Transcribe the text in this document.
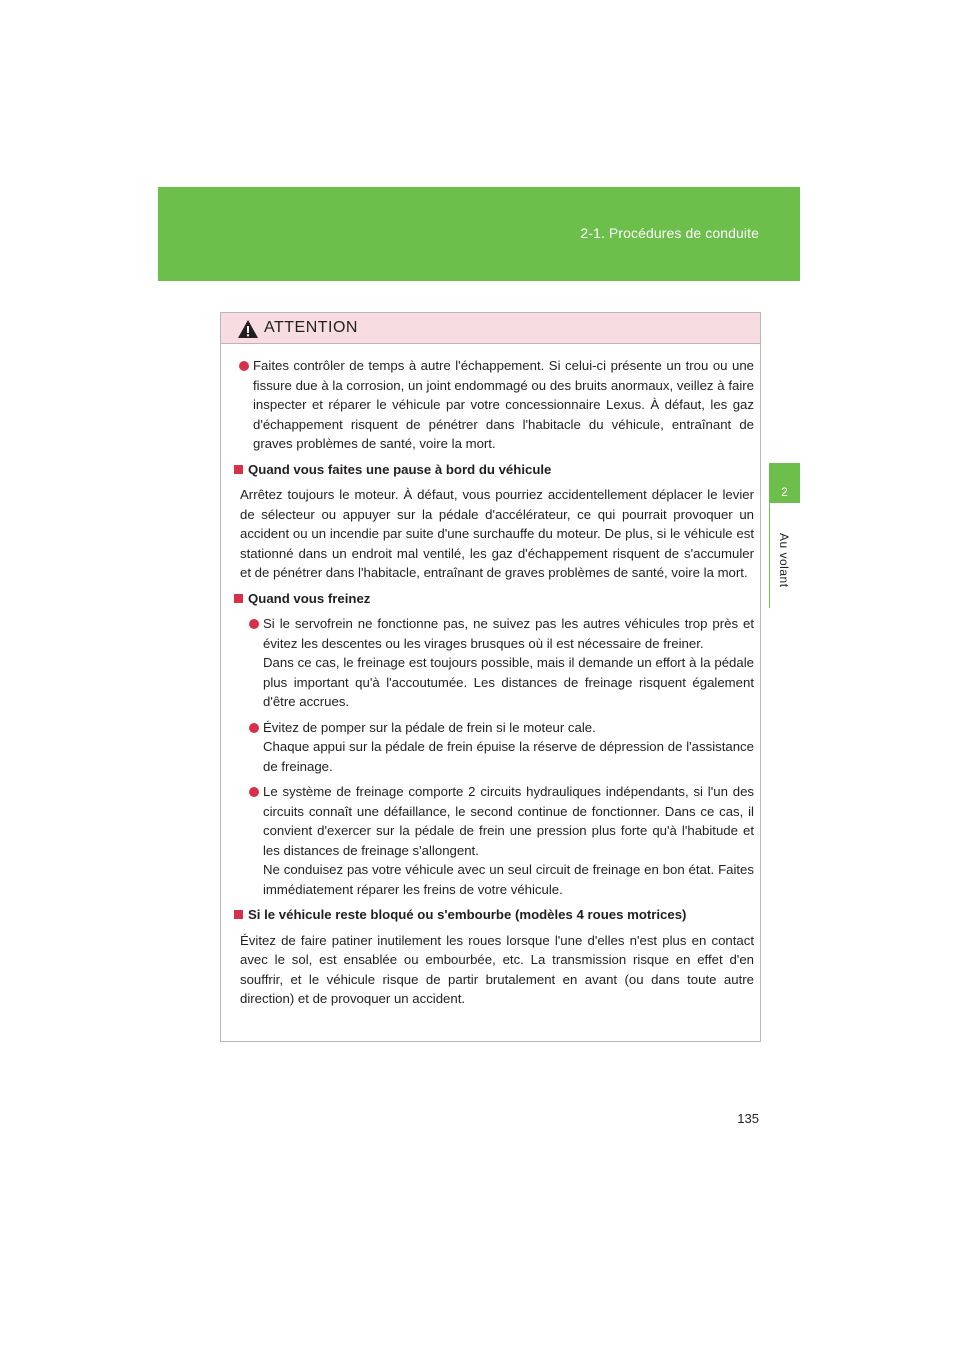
2-1. Procédures de conduite
2
Au volant
ATTENTION
Faites contrôler de temps à autre l'échappement. Si celui-ci présente un trou ou une fissure due à la corrosion, un joint endommagé ou des bruits anormaux, veillez à faire inspecter et réparer le véhicule par votre concessionnaire Lexus. À défaut, les gaz d'échappement risquent de pénétrer dans l'habitacle du véhicule, entraînant de graves problèmes de santé, voire la mort.
Quand vous faites une pause à bord du véhicule
Arrêtez toujours le moteur. À défaut, vous pourriez accidentellement déplacer le levier de sélecteur ou appuyer sur la pédale d'accélérateur, ce qui pourrait provoquer un accident ou un incendie par suite d'une surchauffe du moteur. De plus, si le véhicule est stationné dans un endroit mal ventilé, les gaz d'échappement risquent de s'accumuler et de pénétrer dans l'habitacle, entraînant de graves problèmes de santé, voire la mort.
Quand vous freinez
Si le servofrein ne fonctionne pas, ne suivez pas les autres véhicules trop près et évitez les descentes ou les virages brusques où il est nécessaire de freiner.
Dans ce cas, le freinage est toujours possible, mais il demande un effort à la pédale plus important qu'à l'accoutumée. Les distances de freinage risquent également d'être accrues.
Évitez de pomper sur la pédale de frein si le moteur cale.
Chaque appui sur la pédale de frein épuise la réserve de dépression de l'assistance de freinage.
Le système de freinage comporte 2 circuits hydrauliques indépendants, si l'un des circuits connaît une défaillance, le second continue de fonctionner. Dans ce cas, il convient d'exercer sur la pédale de frein une pression plus forte qu'à l'habitude et les distances de freinage s'allongent.
Ne conduisez pas votre véhicule avec un seul circuit de freinage en bon état. Faites immédiatement réparer les freins de votre véhicule.
Si le véhicule reste bloqué ou s'embourbe (modèles 4 roues motrices)
Évitez de faire patiner inutilement les roues lorsque l'une d'elles n'est plus en contact avec le sol, est ensablée ou embourbée, etc. La transmission risque en effet d'en souffrir, et le véhicule risque de partir brutalement en avant (ou dans toute autre direction) et de provoquer un accident.
135
